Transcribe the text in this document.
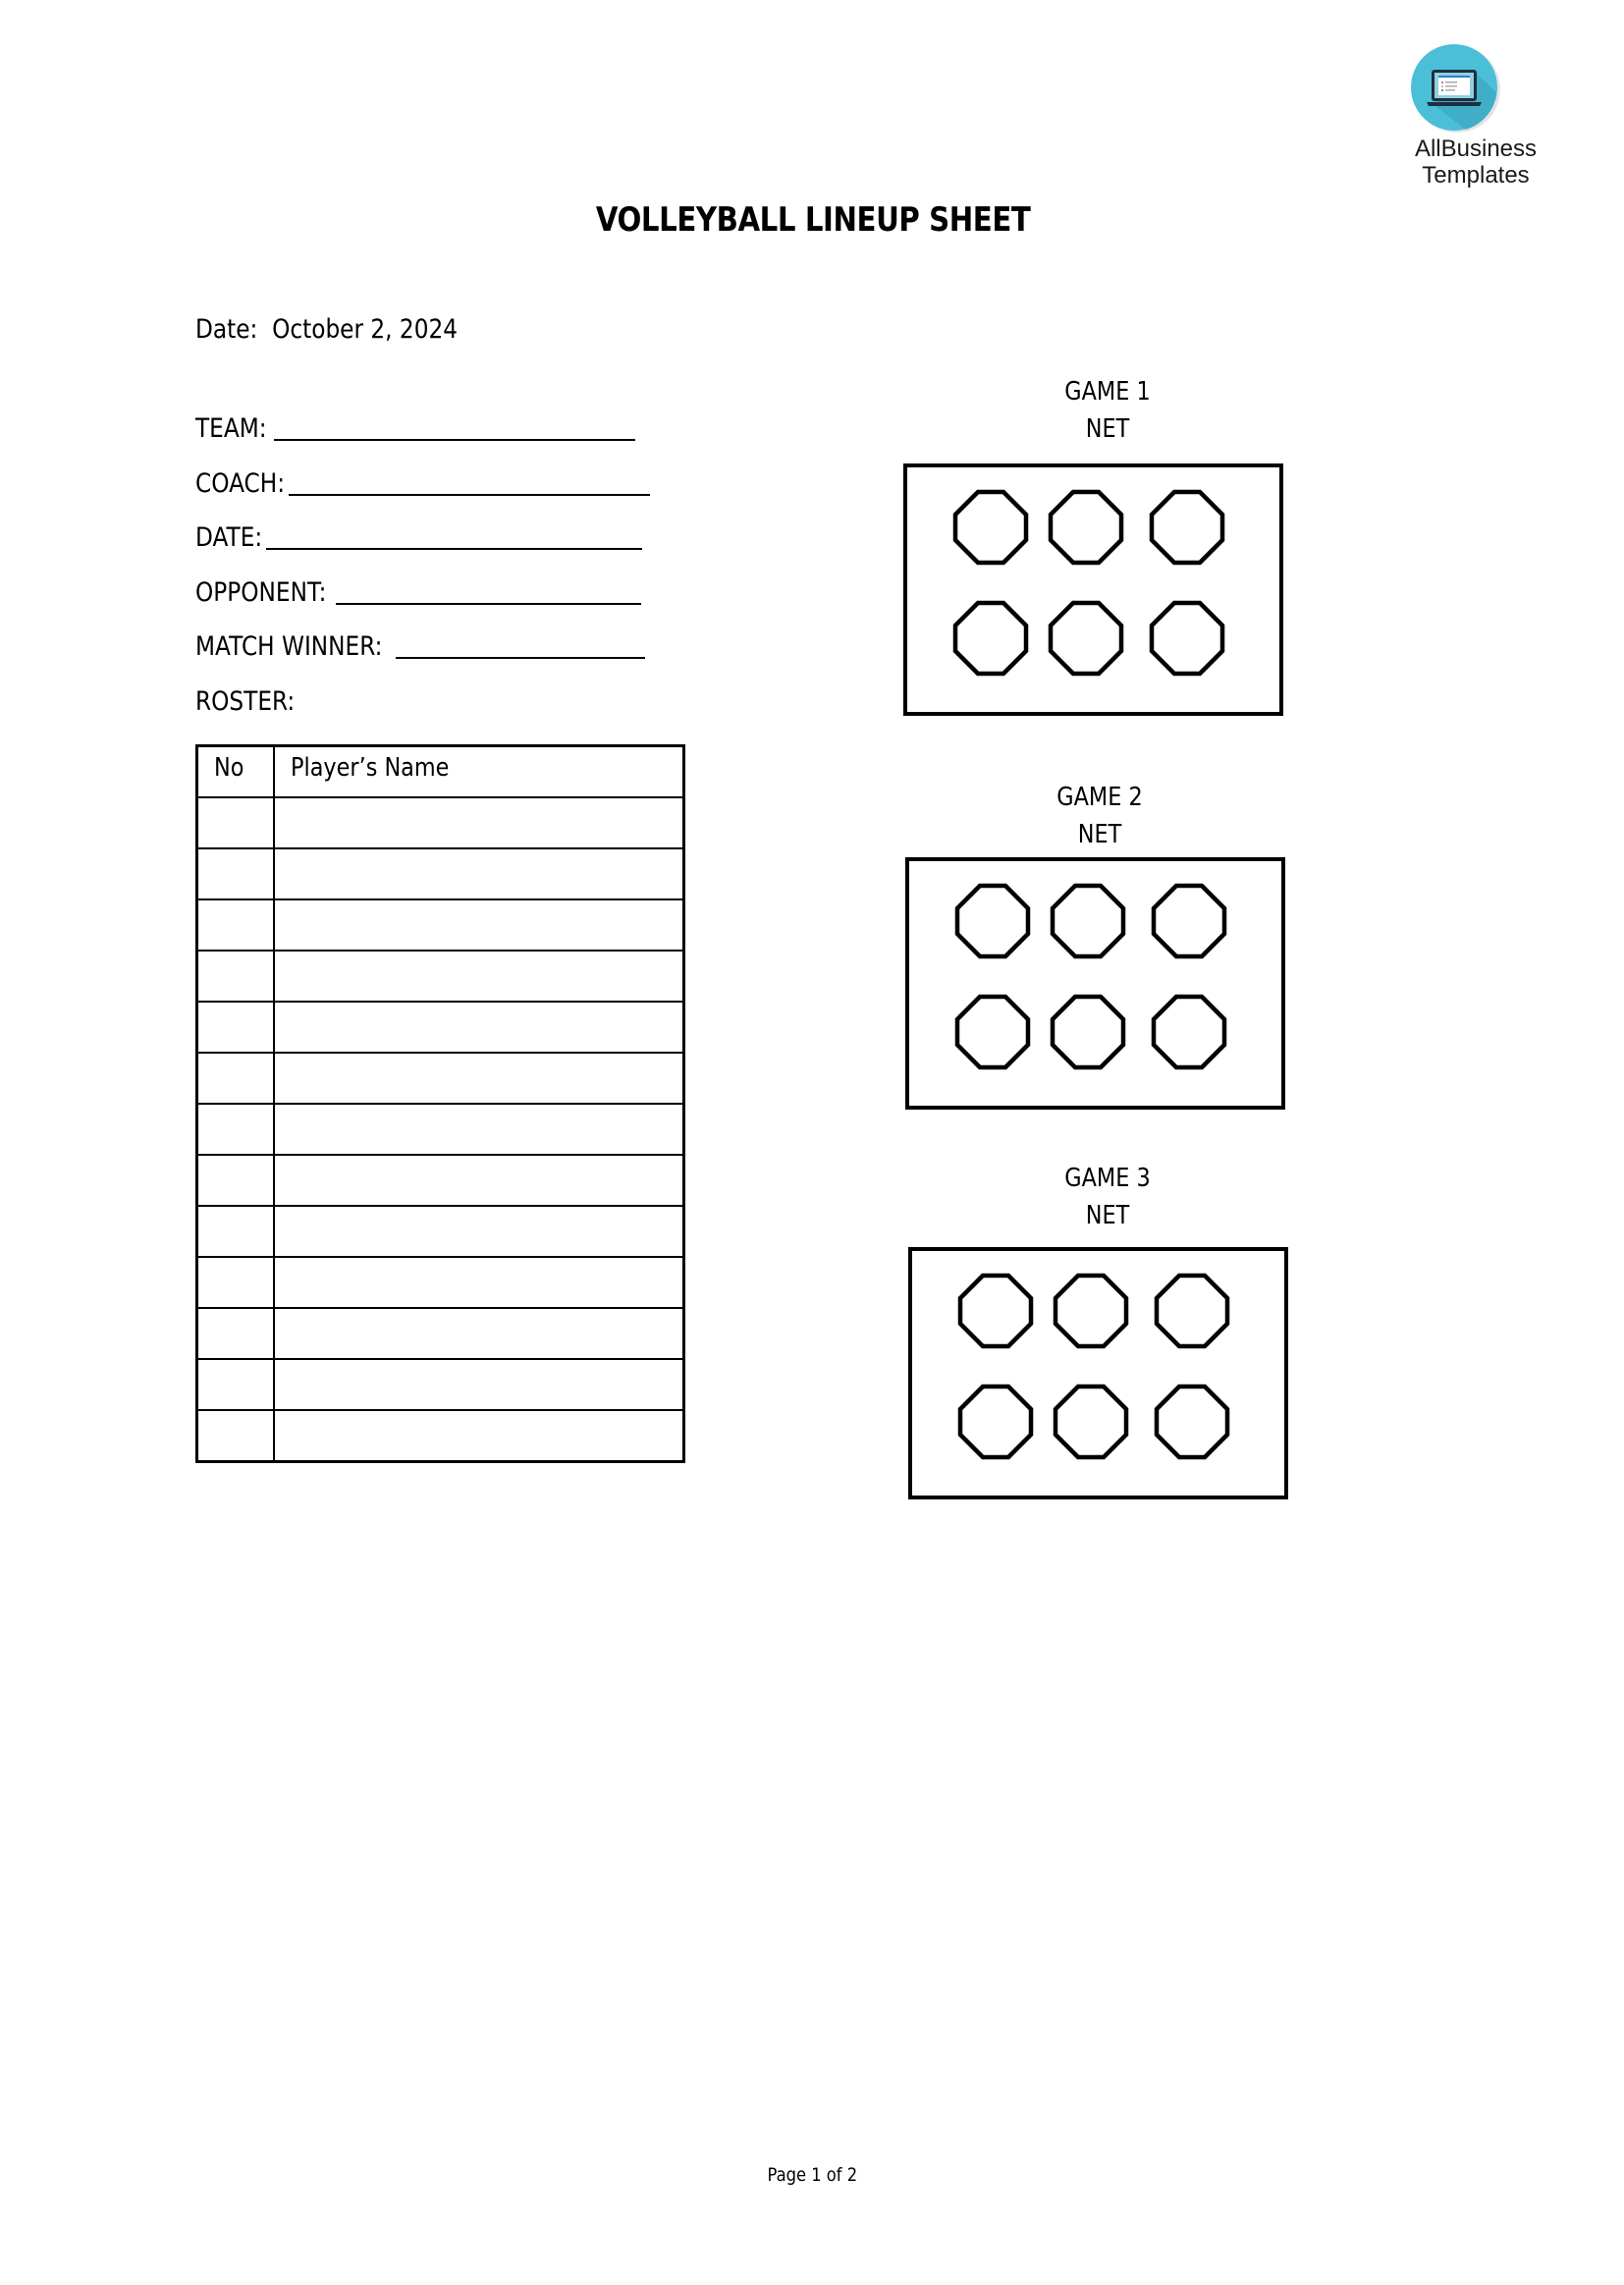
AllBusiness
Templates
VOLLEYBALL LINEUP SHEET
Date:  October 2, 2024
TEAM:
COACH:
DATE:
OPPONENT:
MATCH WINNER:
ROSTER:
No	Player’s Name

GAME 1
NET
GAME 2
NET
GAME 3
NET
Page 1 of 2
